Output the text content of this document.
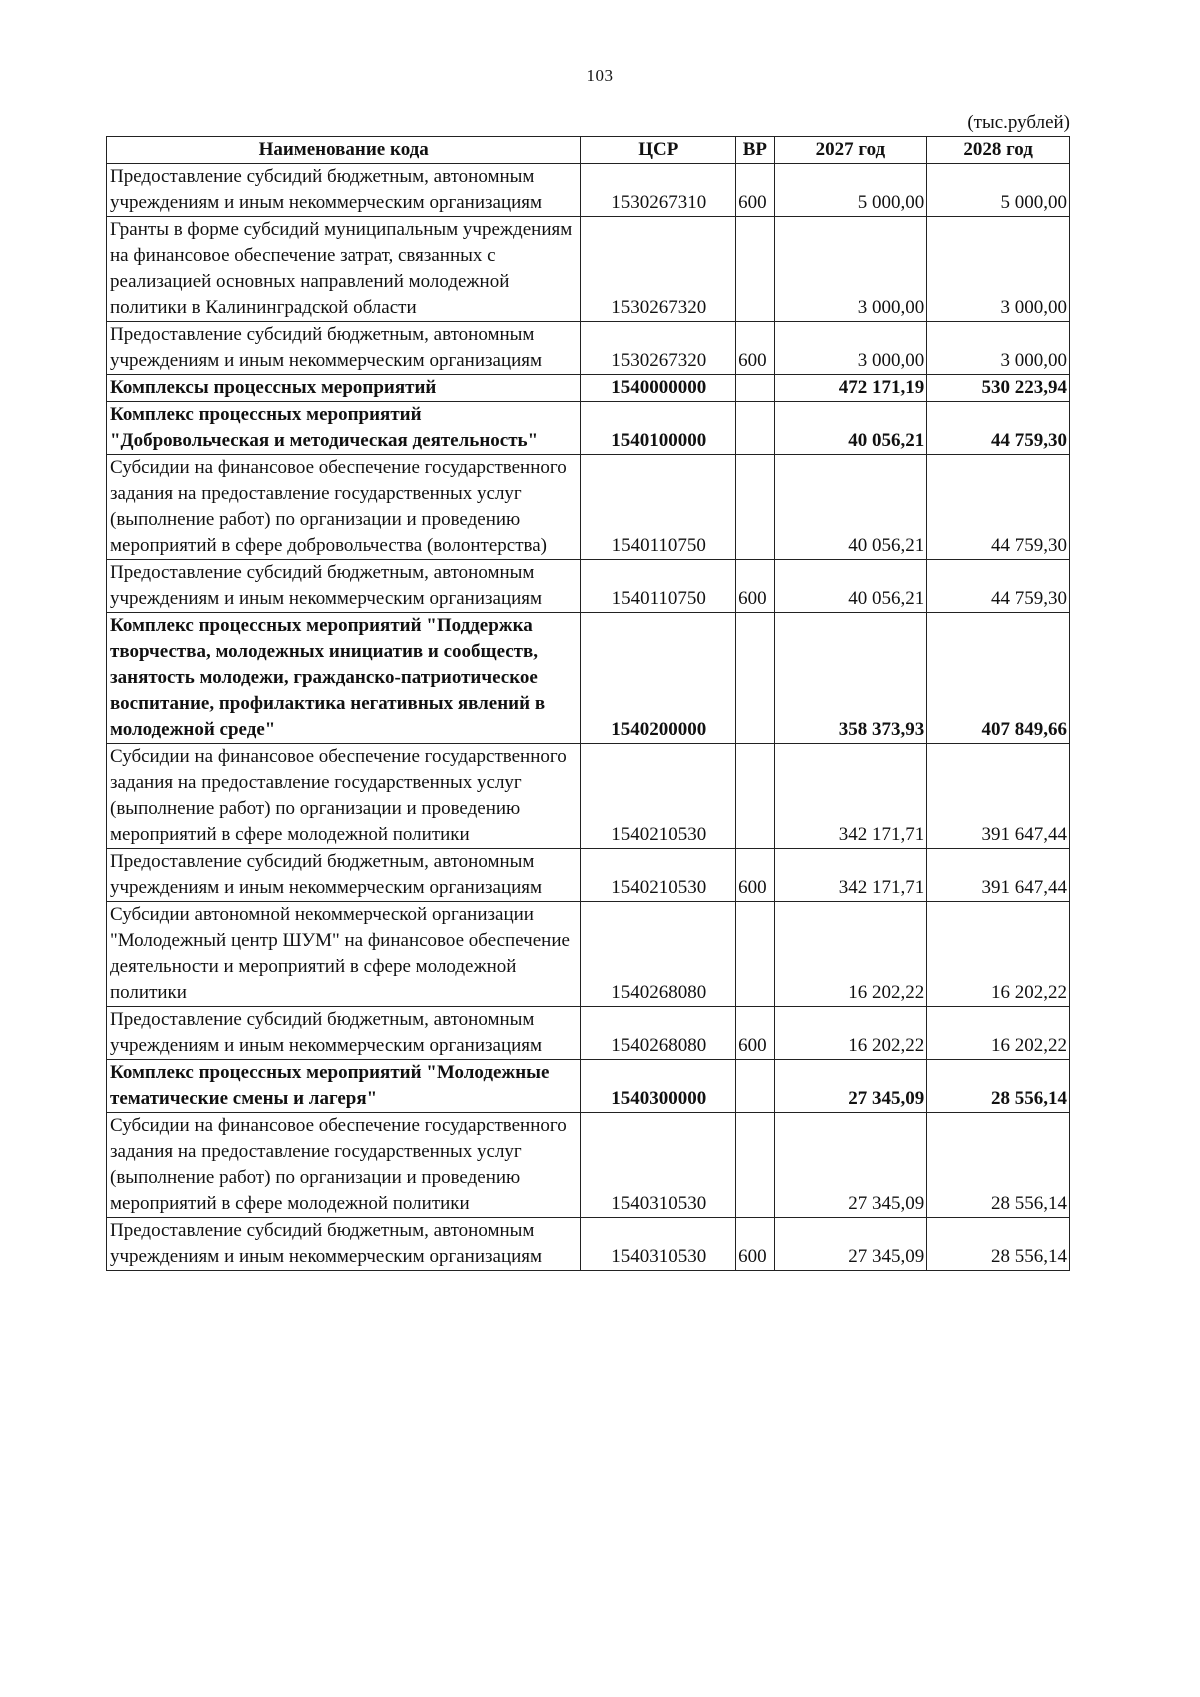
103
(тыс.рублей)
Наименование кода	ЦСР	ВР	2027 год	2028 год
Предоставление субсидий бюджетным, автономным учреждениям и иным некоммерческим организациям	1530267310	600	5 000,00	5 000,00
Гранты в форме субсидий муниципальным учреждениям на финансовое обеспечение затрат, связанных с реализацией основных направлений молодежной политики в Калининградской области	1530267320		3 000,00	3 000,00
Предоставление субсидий бюджетным, автономным учреждениям и иным некоммерческим организациям	1530267320	600	3 000,00	3 000,00
Комплексы процессных мероприятий	1540000000		472 171,19	530 223,94
Комплекс процессных мероприятий "Добровольческая и методическая деятельность"	1540100000		40 056,21	44 759,30
Субсидии на финансовое обеспечение государственного задания на предоставление государственных услуг (выполнение работ) по организации и проведению мероприятий в сфере добровольчества (волонтерства)	1540110750		40 056,21	44 759,30
Предоставление субсидий бюджетным, автономным учреждениям и иным некоммерческим организациям	1540110750	600	40 056,21	44 759,30
Комплекс процессных мероприятий "Поддержка творчества, молодежных инициатив и сообществ, занятость молодежи, гражданско-патриотическое воспитание, профилактика негативных явлений в молодежной среде"	1540200000		358 373,93	407 849,66
Субсидии на финансовое обеспечение государственного задания на предоставление государственных услуг (выполнение работ) по организации и проведению мероприятий в сфере молодежной политики	1540210530		342 171,71	391 647,44
Предоставление субсидий бюджетным, автономным учреждениям и иным некоммерческим организациям	1540210530	600	342 171,71	391 647,44
Субсидии автономной некоммерческой организации "Молодежный центр ШУМ" на финансовое обеспечение деятельности и мероприятий в сфере молодежной политики	1540268080		16 202,22	16 202,22
Предоставление субсидий бюджетным, автономным учреждениям и иным некоммерческим организациям	1540268080	600	16 202,22	16 202,22
Комплекс процессных мероприятий "Молодежные тематические смены и лагеря"	1540300000		27 345,09	28 556,14
Субсидии на финансовое обеспечение государственного задания на предоставление государственных услуг (выполнение работ) по организации и проведению мероприятий в сфере молодежной политики	1540310530		27 345,09	28 556,14
Предоставление субсидий бюджетным, автономным учреждениям и иным некоммерческим организациям	1540310530	600	27 345,09	28 556,14
